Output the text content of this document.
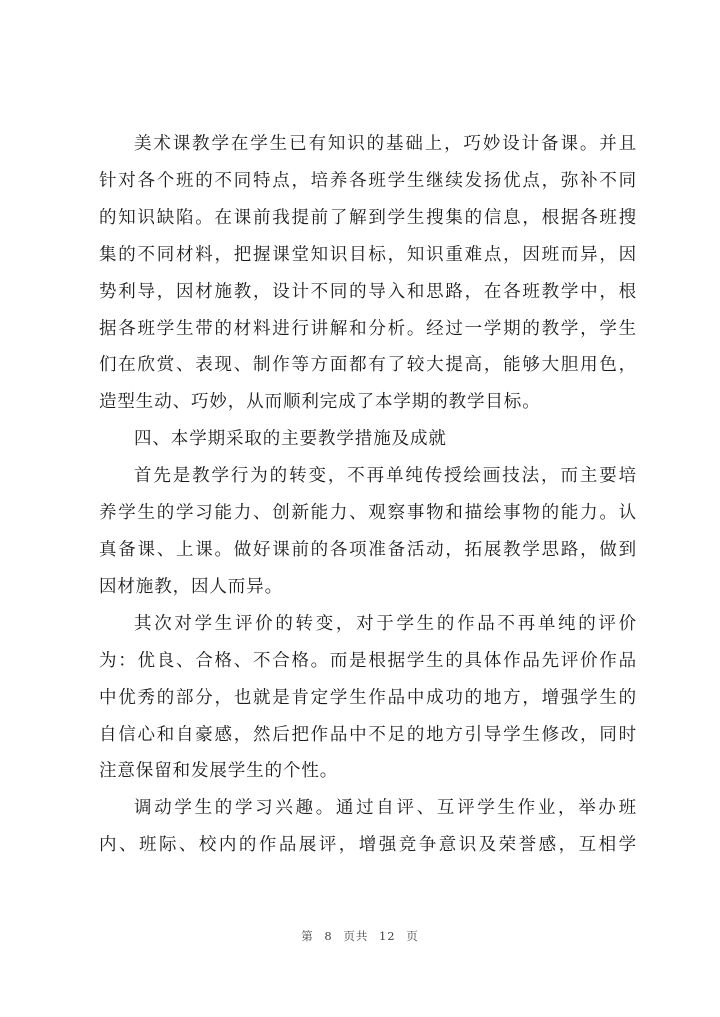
美术课教学在学生已有知识的基础上，巧妙设计备课。并且
针对各个班的不同特点，培养各班学生继续发扬优点，弥补不同
的知识缺陷。在课前我提前了解到学生搜集的信息，根据各班搜
集的不同材料，把握课堂知识目标，知识重难点，因班而异，因
势利导，因材施教，设计不同的导入和思路，在各班教学中，根
据各班学生带的材料进行讲解和分析。经过一学期的教学，学生
们在欣赏、表现、制作等方面都有了较大提高，能够大胆用色，
造型生动、巧妙，从而顺利完成了本学期的教学目标。

四、本学期采取的主要教学措施及成就

首先是教学行为的转变，不再单纯传授绘画技法，而主要培
养学生的学习能力、创新能力、观察事物和描绘事物的能力。认
真备课、上课。做好课前的各项准备活动，拓展教学思路，做到
因材施教，因人而异。

其次对学生评价的转变，对于学生的作品不再单纯的评价
为：优良、合格、不合格。而是根据学生的具体作品先评价作品
中优秀的部分，也就是肯定学生作品中成功的地方，增强学生的
自信心和自豪感，然后把作品中不足的地方引导学生修改，同时
注意保留和发展学生的个性。

调动学生的学习兴趣。通过自评、互评学生作业，举办班
内、班际、校内的作品展评，增强竞争意识及荣誉感，互相学

第 8 页共 12 页
